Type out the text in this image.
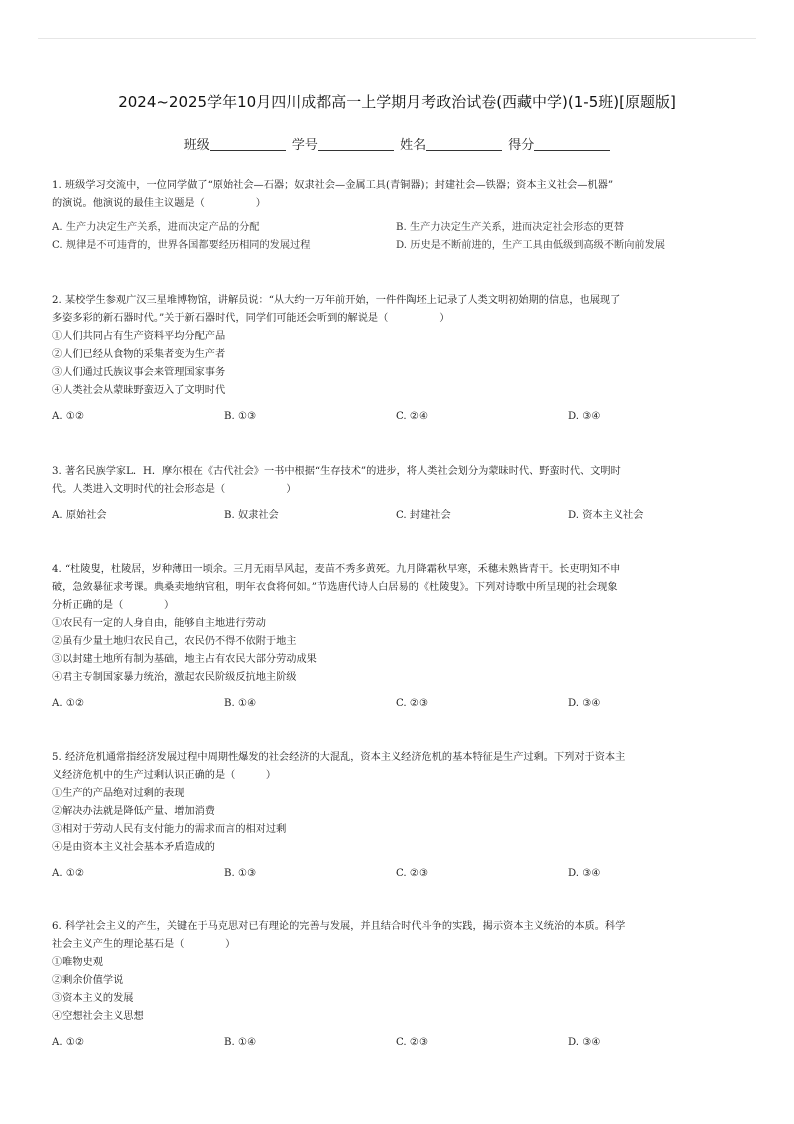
2024~2025学年10月四川成都高一上学期月考政治试卷(西藏中学)(1-5班)[原题版]
班级	学号	姓名	得分

1. 班级学习交流中，一位同学做了“原始社会—石器；奴隶社会—金属工具(青铜器)；封建社会—铁器；资本主义社会—机器”

的演说。他演说的最佳主议题是（　　　　　）

A. 生产力决定生产关系，进而决定产品的分配	B. 生产力决定生产关系，进而决定社会形态的更替
C. 规律是不可违背的，世界各国都要经历相同的发展过程	D. 历史是不断前进的，生产工具由低级到高级不断向前发展

2. 某校学生参观广汉三星堆博物馆，讲解员说：“从大约一万年前开始，一件件陶坯上记录了人类文明初始期的信息，也展现了

多姿多彩的新石器时代。”关于新石器时代，同学们可能还会听到的解说是（　　　　　）

①人们共同占有生产资料平均分配产品

②人们已经从食物的采集者变为生产者

③人们通过氏族议事会来管理国家事务

④人类社会从蒙昧野蛮迈入了文明时代

A. ①②	B. ①③	C. ②④	D. ③④

3. 著名民族学家L．H．摩尔根在《古代社会》一书中根据“生存技术”的进步，将人类社会划分为蒙昧时代、野蛮时代、文明时

代。人类进入文明时代的社会形态是（　　　　　　）

A. 原始社会	B. 奴隶社会	C. 封建社会	D. 资本主义社会

4. “杜陵叟，杜陵居，岁种薄田一顷余。三月无雨旱风起，麦苗不秀多黄死。九月降霜秋早寒，禾穗未熟皆青干。长吏明知不申

破，急敛暴征求考课。典桑卖地纳官租，明年衣食将何如。”节选唐代诗人白居易的《杜陵叟》。下列对诗歌中所呈现的社会现象

分析正确的是（　　　　）

①农民有一定的人身自由，能够自主地进行劳动

②虽有少量土地归农民自己，农民仍不得不依附于地主

③以封建土地所有制为基础，地主占有农民大部分劳动成果

④君主专制国家暴力统治，激起农民阶级反抗地主阶级

A. ①②	B. ①④	C. ②③	D. ③④

5. 经济危机通常指经济发展过程中周期性爆发的社会经济的大混乱，资本主义经济危机的基本特征是生产过剩。下列对于资本主

义经济危机中的生产过剩认识正确的是（　　　）

①生产的产品绝对过剩的表现

②解决办法就是降低产量、增加消费

③相对于劳动人民有支付能力的需求而言的相对过剩

④是由资本主义社会基本矛盾造成的

A. ①②	B. ①③	C. ②③	D. ③④

6. 科学社会主义的产生，关键在于马克思对已有理论的完善与发展，并且结合时代斗争的实践，揭示资本主义统治的本质。科学

社会主义产生的理论基石是（　　　　）

①唯物史观

②剩余价值学说

③资本主义的发展

④空想社会主义思想

A. ①②	B. ①④	C. ②③	D. ③④
